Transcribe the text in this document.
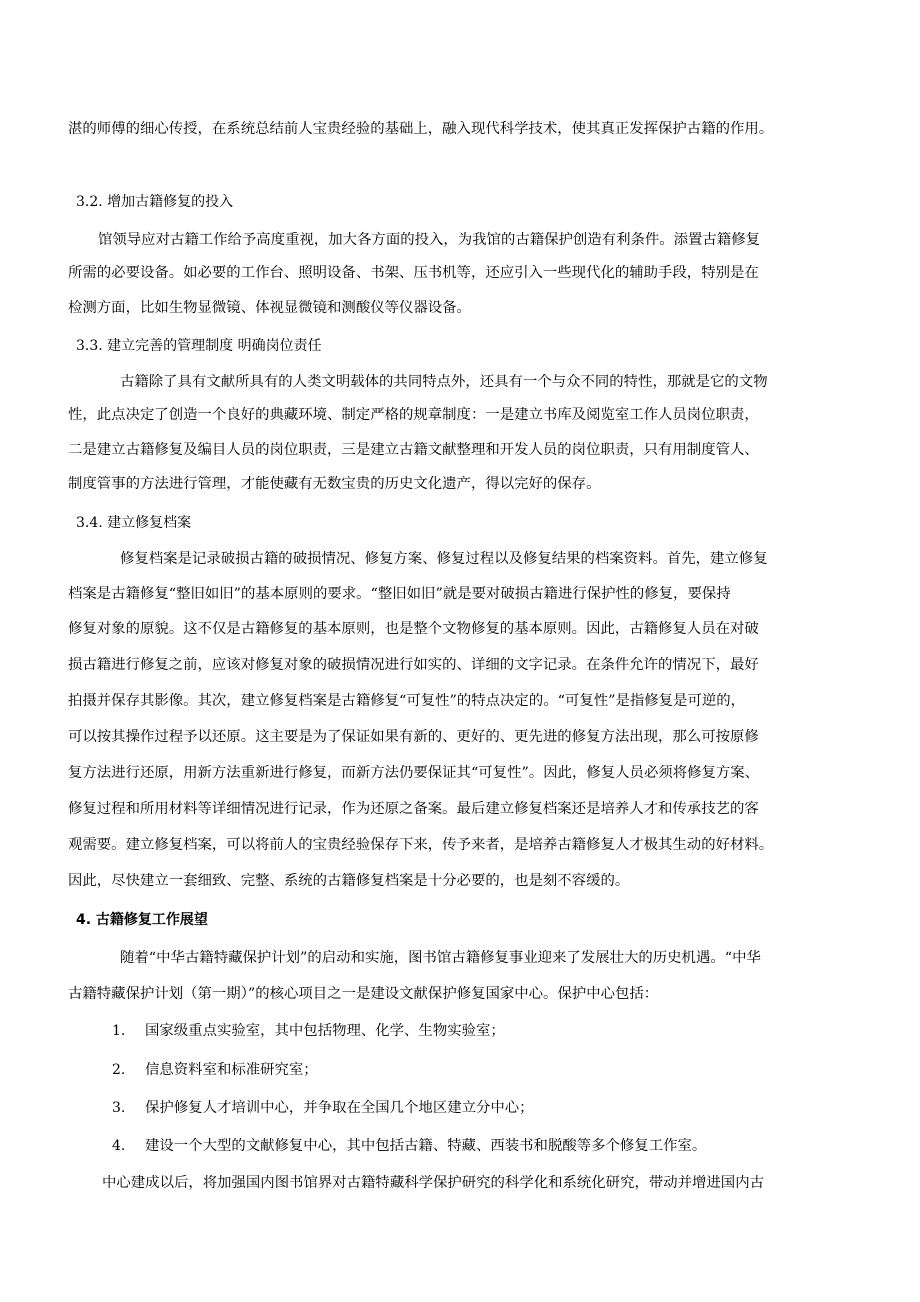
湛的师傅的细心传授，在系统总结前人宝贵经验的基础上，融入现代科学技术，使其真正发挥保护古籍的作用。

3.2. 增加古籍修复的投入

馆领导应对古籍工作给予高度重视，加大各方面的投入，为我馆的古籍保护创造有利条件。添置古籍修复

所需的必要设备。如必要的工作台、照明设备、书架、压书机等，还应引入一些现代化的辅助手段，特别是在

检测方面，比如生物显微镜、体视显微镜和测酸仪等仪器设备。

3.3. 建立完善的管理制度 明确岗位责任

古籍除了具有文献所具有的人类文明载体的共同特点外，还具有一个与众不同的特性，那就是它的文物

性，此点决定了创造一个良好的典藏环境、制定严格的规章制度：一是建立书库及阅览室工作人员岗位职责，

二是建立古籍修复及编目人员的岗位职责，三是建立古籍文献整理和开发人员的岗位职责，只有用制度管人、

制度管事的方法进行管理，才能使藏有无数宝贵的历史文化遗产，得以完好的保存。

3.4. 建立修复档案

修复档案是记录破损古籍的破损情况、修复方案、修复过程以及修复结果的档案资料。首先，建立修复

档案是古籍修复“整旧如旧”的基本原则的要求。“整旧如旧”就是要对破损古籍进行保护性的修复，要保持

修复对象的原貌。这不仅是古籍修复的基本原则，也是整个文物修复的基本原则。因此，古籍修复人员在对破

损古籍进行修复之前，应该对修复对象的破损情况进行如实的、详细的文字记录。在条件允许的情况下，最好

拍摄并保存其影像。其次，建立修复档案是古籍修复“可复性”的特点决定的。“可复性”是指修复是可逆的，

可以按其操作过程予以还原。这主要是为了保证如果有新的、更好的、更先进的修复方法出现，那么可按原修

复方法进行还原，用新方法重新进行修复，而新方法仍要保证其“可复性”。因此，修复人员必须将修复方案、

修复过程和所用材料等详细情况进行记录，作为还原之备案。最后建立修复档案还是培养人才和传承技艺的客

观需要。建立修复档案，可以将前人的宝贵经验保存下来，传予来者，是培养古籍修复人才极其生动的好材料。

因此，尽快建立一套细致、完整、系统的古籍修复档案是十分必要的，也是刻不容缓的。

4. 古籍修复工作展望

随着“中华古籍特藏保护计划”的启动和实施，图书馆古籍修复事业迎来了发展壮大的历史机遇。“中华

古籍特藏保护计划（第一期）”的核心项目之一是建设文献保护修复国家中心。保护中心包括：

1. 国家级重点实验室，其中包括物理、化学、生物实验室；

2. 信息资料室和标准研究室；

3. 保护修复人才培训中心，并争取在全国几个地区建立分中心；

4. 建设一个大型的文献修复中心，其中包括古籍、特藏、西装书和脱酸等多个修复工作室。

中心建成以后，将加强国内图书馆界对古籍特藏科学保护研究的科学化和系统化研究，带动并增进国内古
